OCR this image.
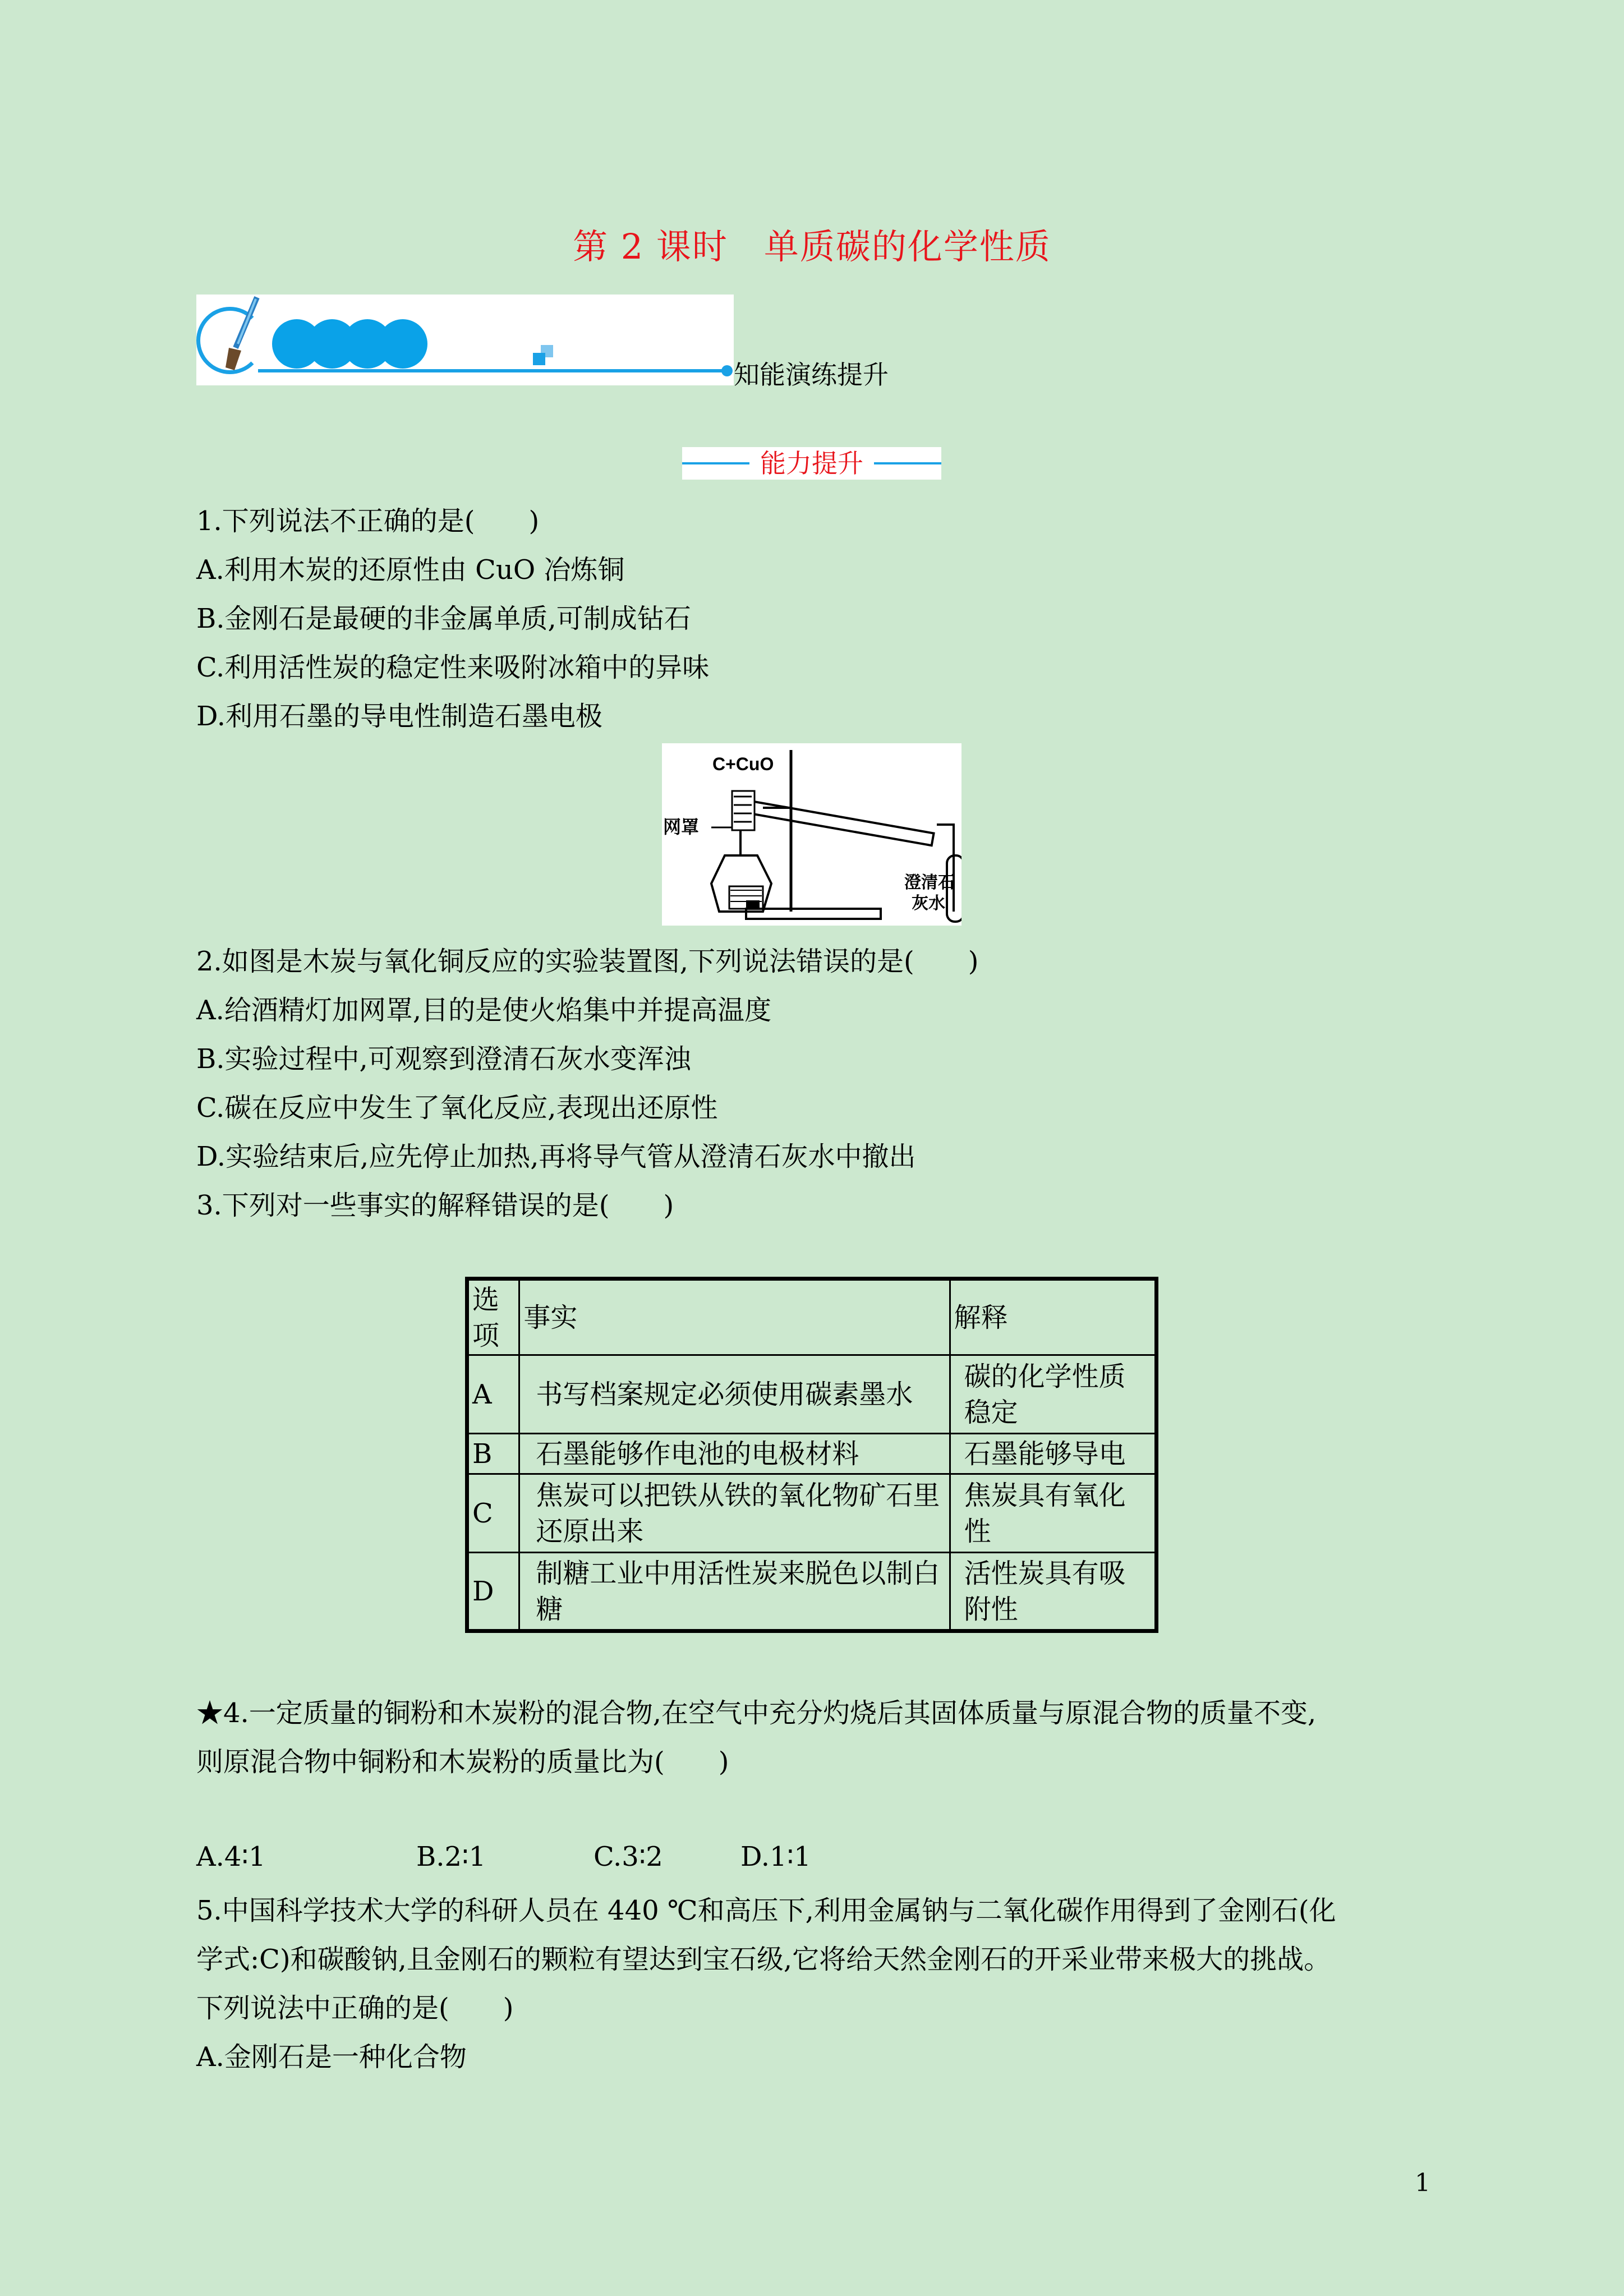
第 2 课时　单质碳的化学性质
知能演练提升
能力提升
1.下列说法不正确的是(　　)
A.利用木炭的还原性由 CuO 冶炼铜
B.金刚石是最硬的非金属单质,可制成钻石
C.利用活性炭的稳定性来吸附冰箱中的异味
D.利用石墨的导电性制造石墨电极
C+CuO
网罩
澄清石
灰水
2.如图是木炭与氧化铜反应的实验装置图,下列说法错误的是(　　)
A.给酒精灯加网罩,目的是使火焰集中并提高温度
B.实验过程中,可观察到澄清石灰水变浑浊
C.碳在反应中发生了氧化反应,表现出还原性
D.实验结束后,应先停止加热,再将导气管从澄清石灰水中撤出
3.下列对一些事实的解释错误的是(　　)
选项	事实	解释
A	书写档案规定必须使用碳素墨水	碳的化学性质稳定
B	石墨能够作电池的电极材料	石墨能够导电
C	焦炭可以把铁从铁的氧化物矿石里还原出来	焦炭具有氧化性
D	制糖工业中用活性炭来脱色以制白糖	活性炭具有吸附性
★4.一定质量的铜粉和木炭粉的混合物,在空气中充分灼烧后其固体质量与原混合物的质量不变,
则原混合物中铜粉和木炭粉的质量比为(　　)
A.4∶1	B.2∶1	C.3∶2	D.1∶1
5.中国科学技术大学的科研人员在 440 ℃和高压下,利用金属钠与二氧化碳作用得到了金刚石(化
学式:C)和碳酸钠,且金刚石的颗粒有望达到宝石级,它将给天然金刚石的开采业带来极大的挑战。
下列说法中正确的是(　　)
A.金刚石是一种化合物
1
